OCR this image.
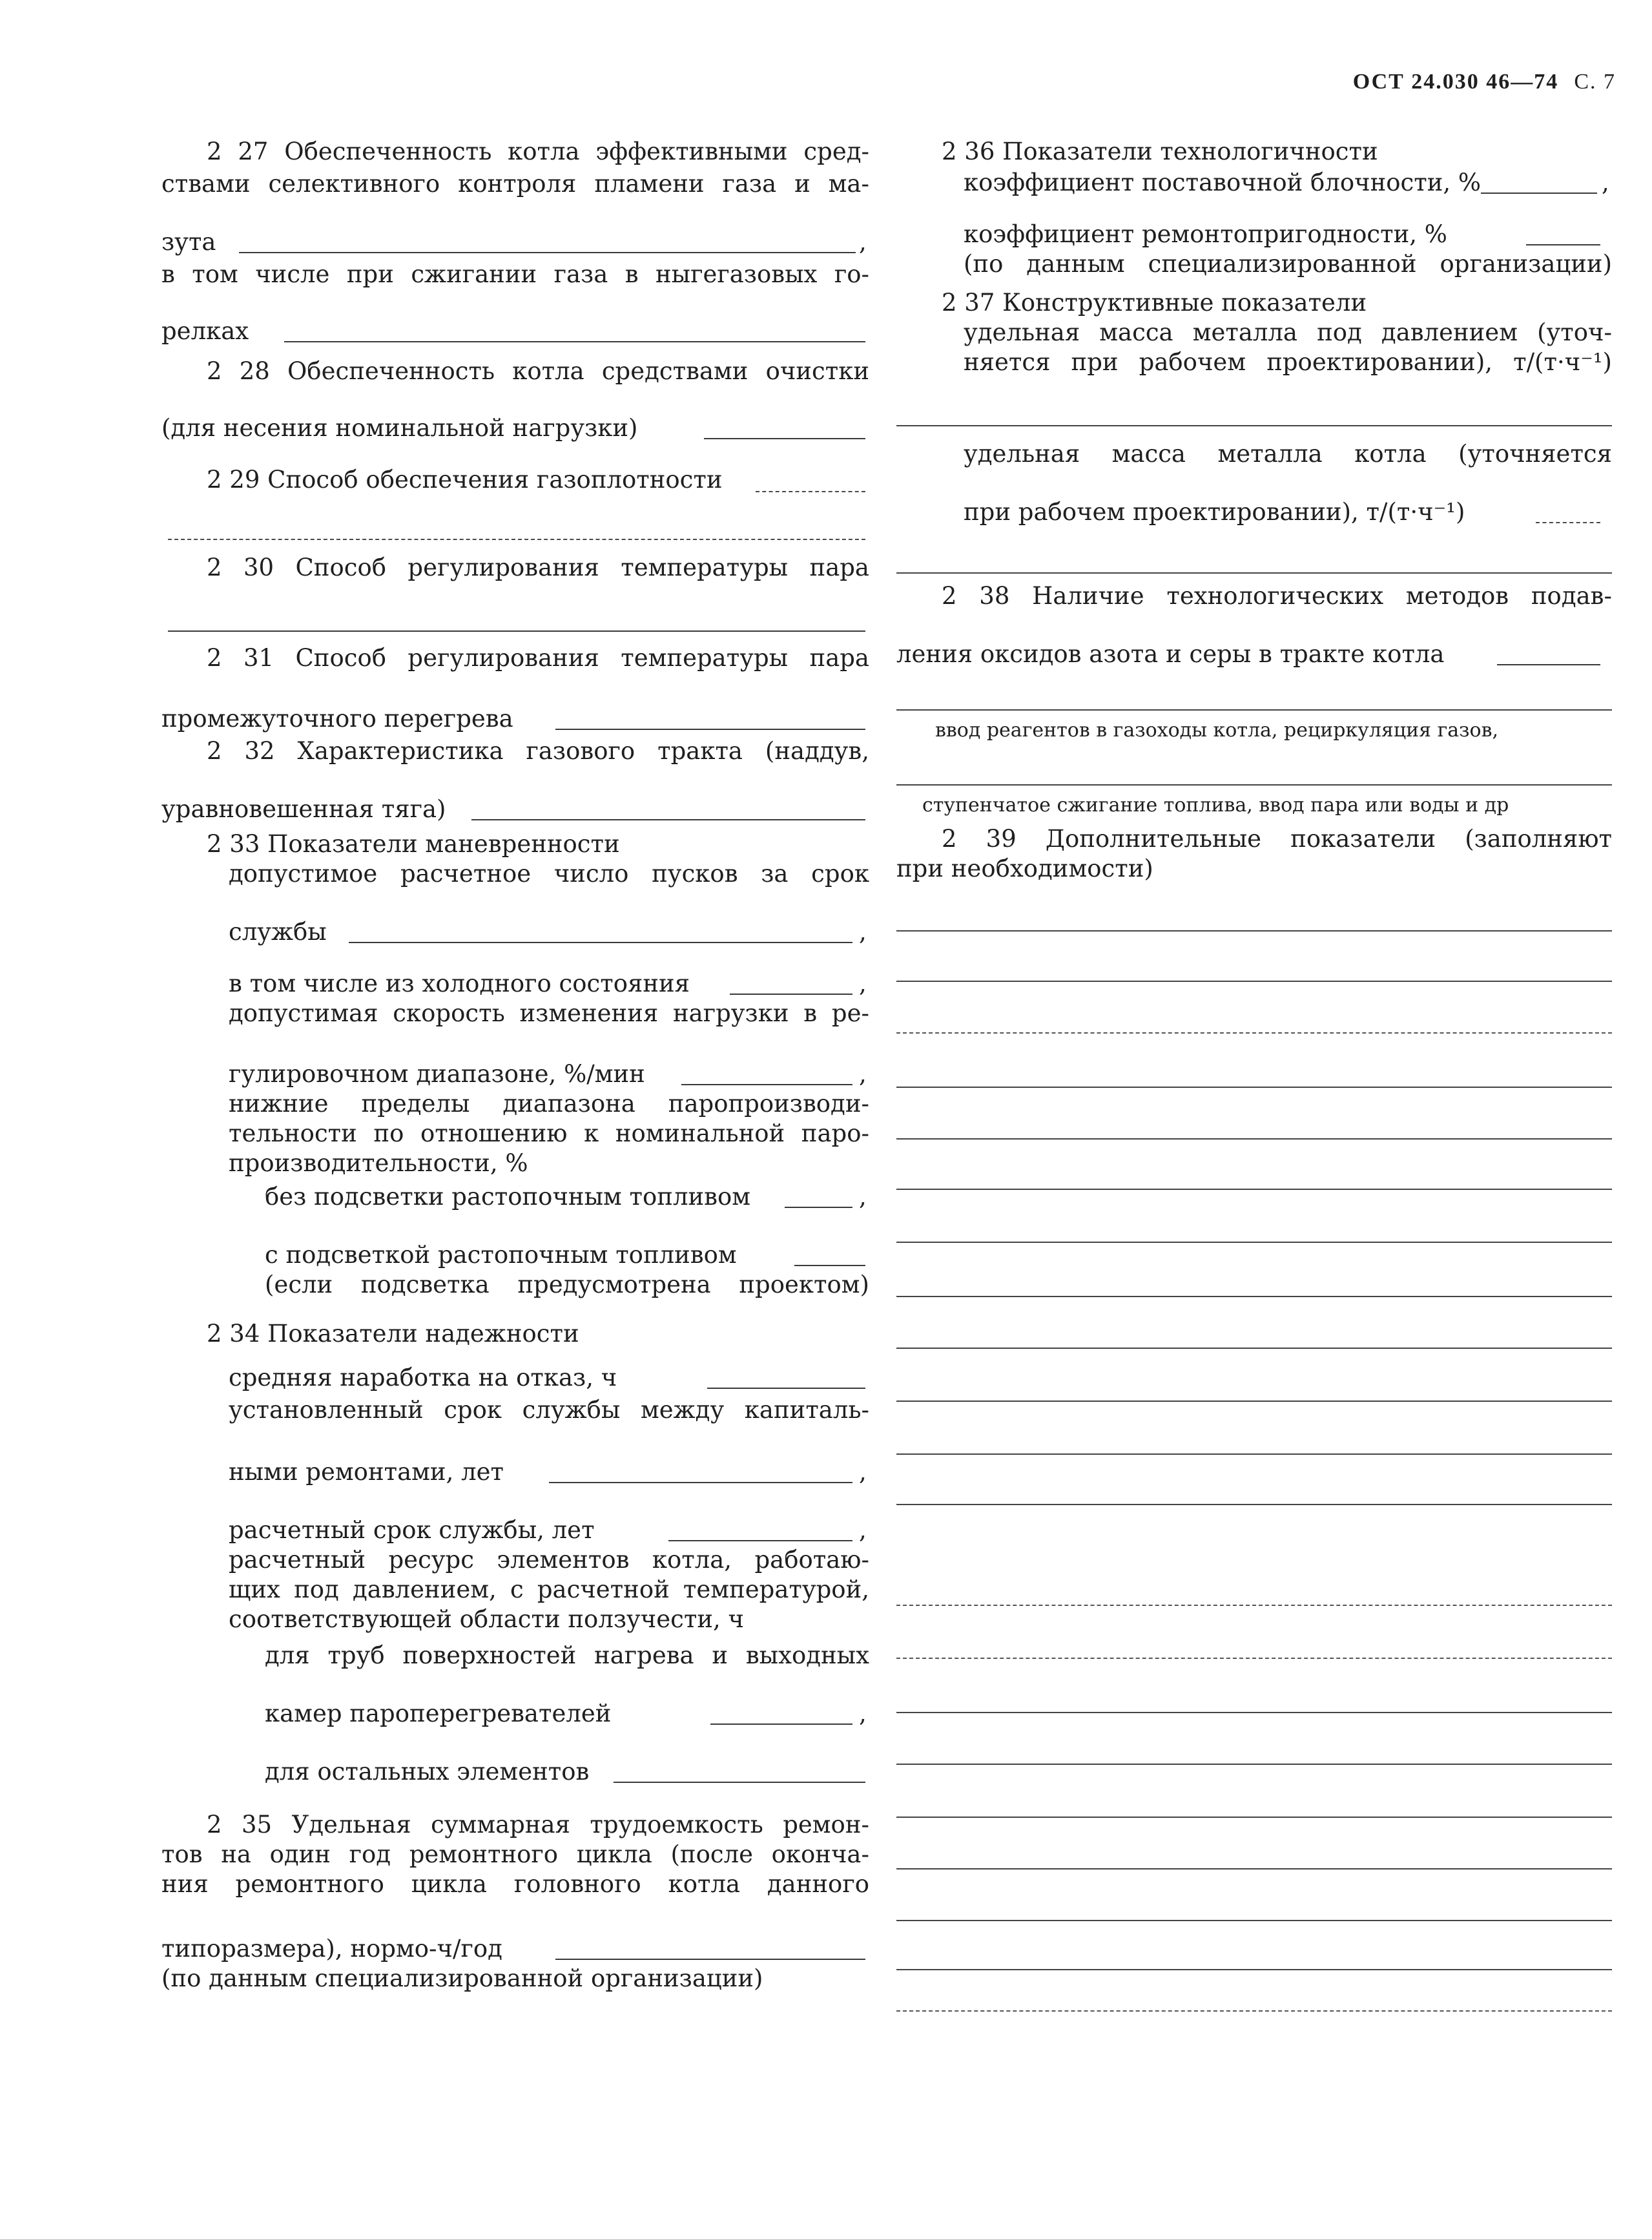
ОСТ 24.030 46—74 С. 7
2 27 Обеспеченность котла эффективными сред-
ствами селективного контроля пламени газа и ма-
зута	,
в том числе при сжигании газа в ныгегазовых го-
релках
2 28 Обеспеченность котла средствами очистки
(для несения номинальной нагрузки)
2 29 Способ обеспечения газоплотности
2 30 Способ регулирования температуры пара
2 31 Способ регулирования температуры пара
промежуточного перегрева
2 32 Характеристика газового тракта (наддув,
уравновешенная тяга)
2 33 Показатели маневренности
допустимое расчетное число пусков за срок
службы	,
в том числе из холодного состояния	,
допустимая скорость изменения нагрузки в ре-
гулировочном диапазоне, %/мин	,
нижние пределы диапазона паропроизводи-
тельности по отношению к номинальной паро-
производительности, %
без подсветки растопочным топливом	,
с подсветкой растопочным топливом
(если подсветка предусмотрена проектом)
2 34 Показатели надежности
средняя наработка на отказ, ч
установленный срок службы между капиталь-
ными ремонтами, лет	,
расчетный срок службы, лет	,
расчетный ресурс элементов котла, работаю-
щих под давлением, с расчетной температурой,
соответствующей области ползучести, ч
для труб поверхностей нагрева и выходных
камер пароперегревателей	,
для остальных элементов
2 35 Удельная суммарная трудоемкость ремон-
тов на один год ремонтного цикла (после оконча-
ния ремонтного цикла головного котла данного
типоразмера), нормо-ч/год
(по данным специализированной организации)
2 36 Показатели технологичности
коэффициент поставочной блочности, %	,
коэффициент ремонтопригодности, %
(по данным специализированной организации)
2 37 Конструктивные показатели
удельная масса металла под давлением (уточ-
няется при рабочем проектировании), т/(т·ч⁻¹)
удельная масса металла котла (уточняется
при рабочем проектировании), т/(т·ч⁻¹)
2 38 Наличие технологических методов подав-
ления оксидов азота и серы в тракте котла
ввод реагентов в газоходы котла, рециркуляция газов,
ступенчатое сжигание топлива, ввод пара или воды и др
2 39 Дополнительные показатели (заполняют
при необходимости)
